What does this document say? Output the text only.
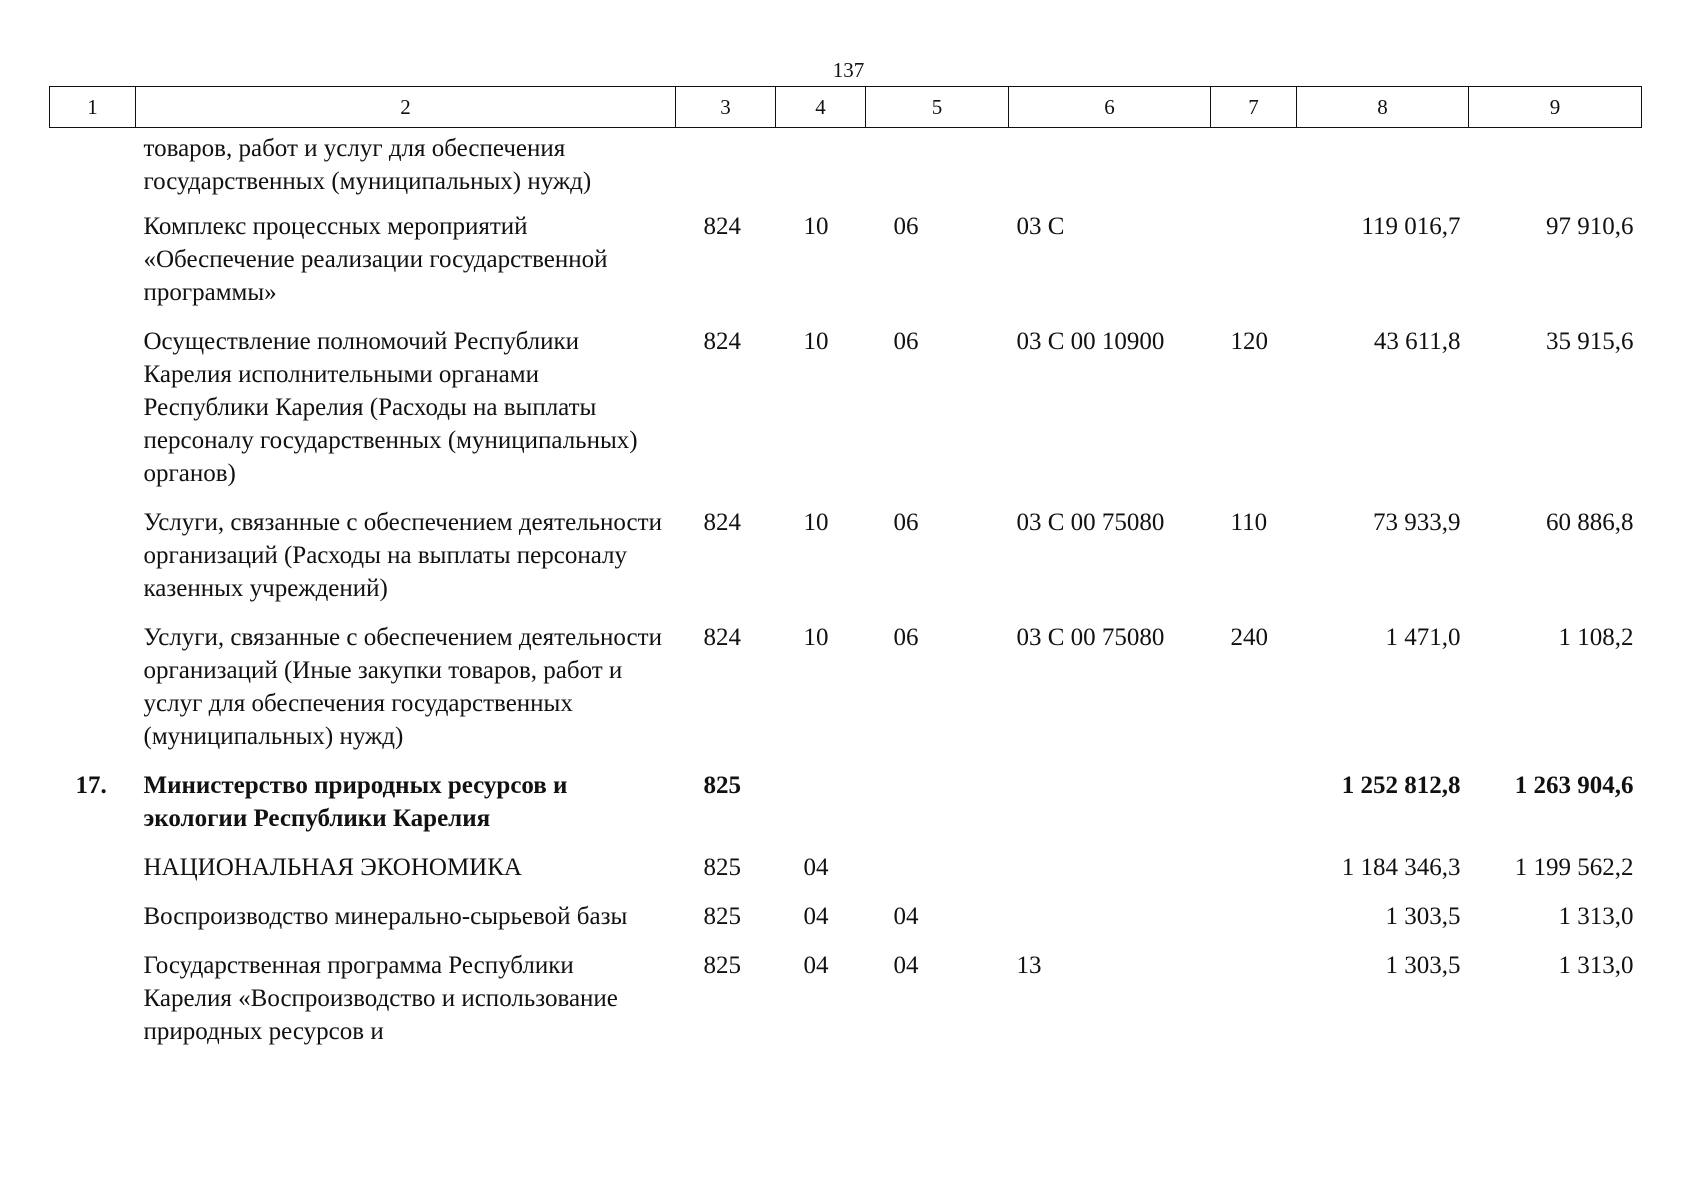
137
1	2	3	4	5	6	7	8	9
	товаров, работ и услуг для обеспечения государственных (муниципальных) нужд)							
	Комплекс процессных мероприятий «Обеспечение реализации государственной программы»	824	10	06	03 С		119 016,7	97 910,6
	Осуществление полномочий Республики Карелия исполнительными органами Республики Карелия (Расходы на выплаты персоналу государственных (муниципальных) органов)	824	10	06	03 С 00 10900	120	43 611,8	35 915,6
	Услуги, связанные с обеспечением деятельности организаций (Расходы на выплаты персоналу казенных учреждений)	824	10	06	03 С 00 75080	110	73 933,9	60 886,8
	Услуги, связанные с обеспечением деятельности организаций (Иные закупки товаров, работ и услуг для обеспечения государственных (муниципальных) нужд)	824	10	06	03 С 00 75080	240	1 471,0	1 108,2
17.	Министерство природных ресурсов и экологии Республики Карелия	825					1 252 812,8	1 263 904,6
	НАЦИОНАЛЬНАЯ ЭКОНОМИКА	825	04				1 184 346,3	1 199 562,2
	Воспроизводство минерально-сырьевой базы	825	04	04			1 303,5	1 313,0
	Государственная программа Республики Карелия «Воспроизводство и использование природных ресурсов и	825	04	04	13		1 303,5	1 313,0
